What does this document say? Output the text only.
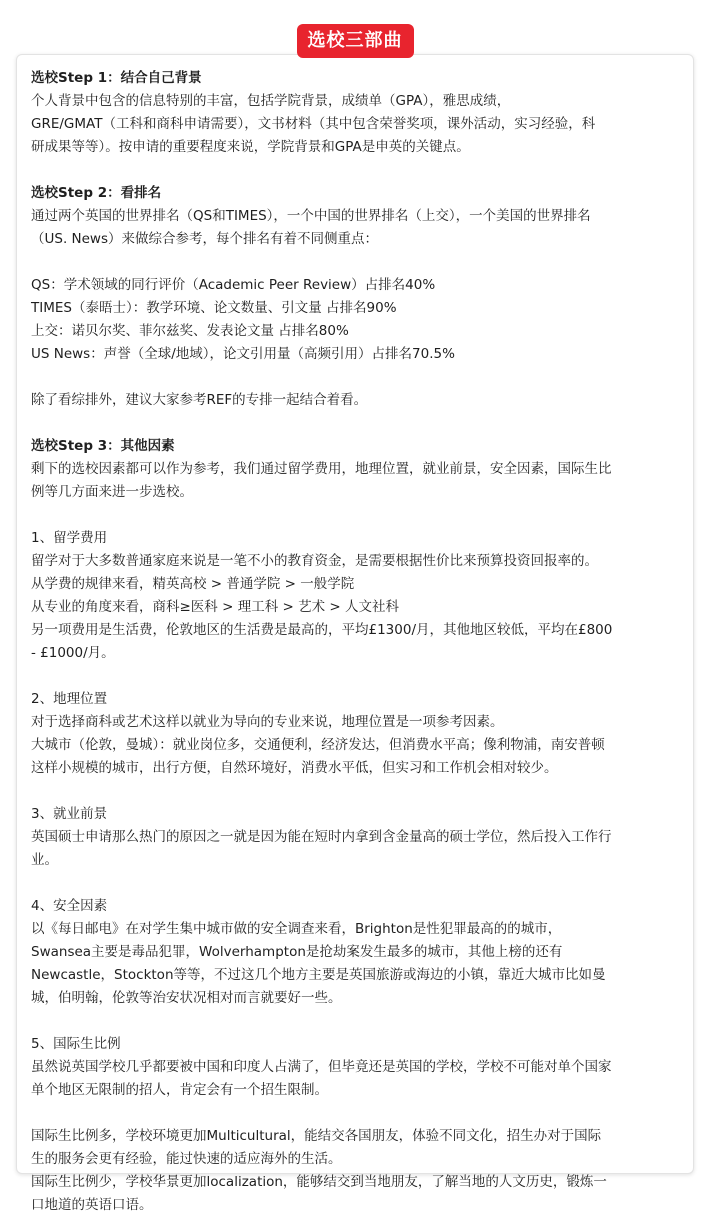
选校三部曲
选校Step 1：结合自己背景
个人背景中包含的信息特别的丰富，包括学院背景，成绩单（GPA），雅思成绩，
GRE/GMAT（工科和商科申请需要），文书材料（其中包含荣誉奖项，课外活动，实习经验，科
研成果等等）。按申请的重要程度来说，学院背景和GPA是申英的关键点。
选校Step 2：看排名
通过两个英国的世界排名（QS和TIMES），一个中国的世界排名（上交），一个美国的世界排名
（US. News）来做综合参考，每个排名有着不同侧重点：
QS：学术领域的同行评价（Academic Peer Review）占排名40%
TIMES（泰晤士）：教学环境、论文数量、引文量 占排名90%
上交：诺贝尔奖、菲尔兹奖、发表论文量 占排名80%
US News：声誉（全球/地域），论文引用量（高频引用）占排名70.5%
除了看综排外，建议大家参考REF的专排一起结合着看。
选校Step 3：其他因素
剩下的选校因素都可以作为参考，我们通过留学费用，地理位置，就业前景，安全因素，国际生比
例等几方面来进一步选校。
1、留学费用
留学对于大多数普通家庭来说是一笔不小的教育资金，是需要根据性价比来预算投资回报率的。
从学费的规律来看，精英高校 > 普通学院 > 一般学院
从专业的角度来看，商科≥医科 > 理工科 > 艺术 > 人文社科
另一项费用是生活费，伦敦地区的生活费是最高的，平均£1300/月，其他地区较低，平均在£800
- £1000/月。
2、地理位置
对于选择商科或艺术这样以就业为导向的专业来说，地理位置是一项参考因素。
大城市（伦敦，曼城）：就业岗位多，交通便利，经济发达，但消费水平高；像利物浦，南安普顿
这样小规模的城市，出行方便，自然环境好，消费水平低，但实习和工作机会相对较少。
3、就业前景
英国硕士申请那么热门的原因之一就是因为能在短时内拿到含金量高的硕士学位，然后投入工作行
业。
4、安全因素
以《每日邮电》在对学生集中城市做的安全调查来看，Brighton是性犯罪最高的的城市，
Swansea主要是毒品犯罪，Wolverhampton是抢劫案发生最多的城市，其他上榜的还有
Newcastle，Stockton等等，不过这几个地方主要是英国旅游或海边的小镇，靠近大城市比如曼
城，伯明翰，伦敦等治安状况相对而言就要好一些。
5、国际生比例
虽然说英国学校几乎都要被中国和印度人占满了，但毕竟还是英国的学校，学校不可能对单个国家
单个地区无限制的招人，肯定会有一个招生限制。
国际生比例多，学校环境更加Multicultural，能结交各国朋友，体验不同文化，招生办对于国际
生的服务会更有经验，能过快速的适应海外的生活。
国际生比例少，学校华景更加localization，能够结交到当地朋友，了解当地的人文历史，锻炼一
口地道的英语口语。
